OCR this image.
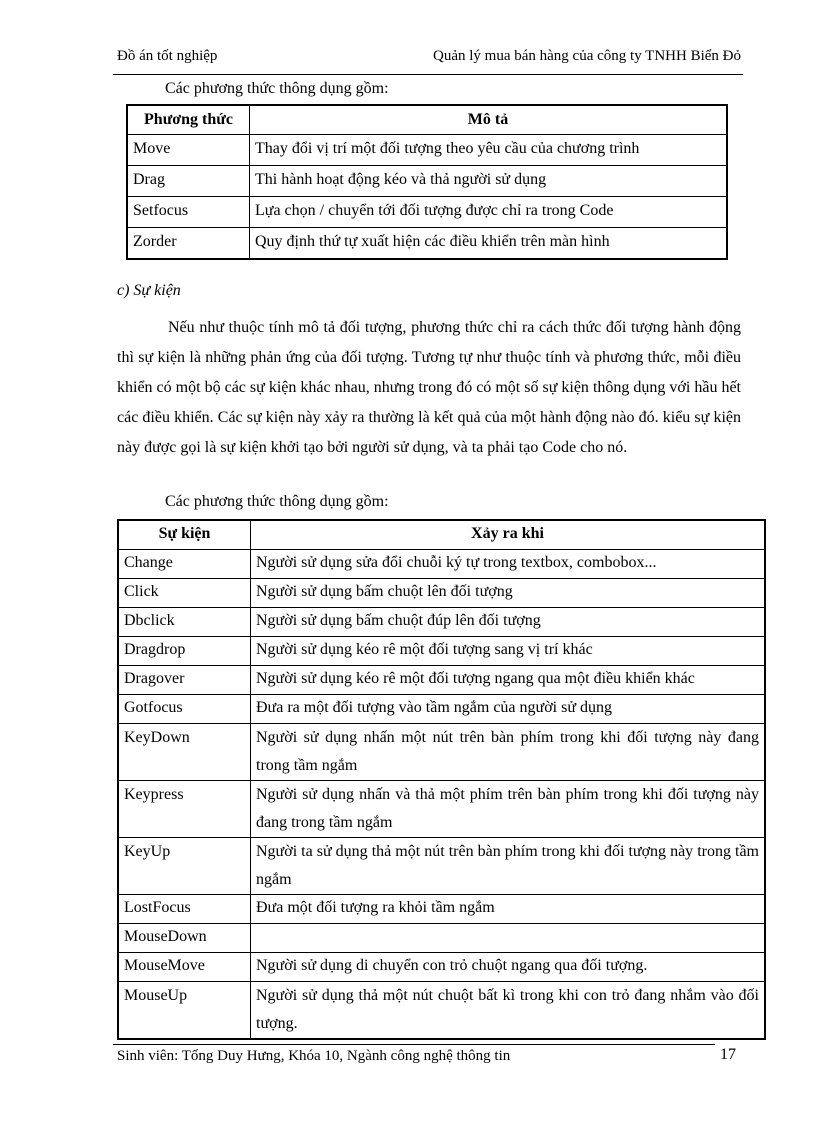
Đồ án tốt nghiệp	Quản lý mua bán hàng của công ty TNHH Biển Đỏ
Các phương thức thông dụng gồm:
Phương thức	Mô tả
Move	Thay đổi vị trí một đối tượng theo yêu cầu của chương trình
Drag	Thi hành hoạt động kéo và thả người sử dụng
Setfocus	Lựa chọn / chuyển tới đối tượng được chỉ ra trong Code
Zorder	Quy định thứ tự xuất hiện các điều khiển trên màn hình
c) Sự kiện
Nếu như thuộc tính mô tả đối tượng, phương thức chỉ ra cách thức đối tượng hành động thì sự kiện là những phản ứng của đối tượng. Tương tự như thuộc tính và phương thức, mỗi điều khiển có một bộ các sự kiện khác nhau, nhưng trong đó có một số sự kiện thông dụng với hầu hết các điều khiển. Các sự kiện này xảy ra thường là kết quả của một hành động nào đó. kiểu sự kiện này được gọi là sự kiện khởi tạo bởi người sử dụng, và ta phải tạo Code cho nó.
Các phương thức thông dụng gồm:
Sự kiện	Xảy ra khi
Change	Người sử dụng sửa đổi chuỗi ký tự trong textbox, combobox...
Click	Người sử dụng bấm chuột lên đối tượng
Dbclick	Người sử dụng bấm chuột đúp lên đối tượng
Dragdrop	Người sử dụng kéo rê một đối tượng sang vị trí khác
Dragover	Người sử dụng kéo rê một đối tượng ngang qua một điều khiển khác
Gotfocus	Đưa ra một đối tượng vào tầm ngắm của người sử dụng
KeyDown	Người sử dụng nhấn một nút trên bàn phím trong khi đối tượng này đang trong tầm ngắm
Keypress	Người sử dụng nhấn và thả một phím trên bàn phím trong khi đối tượng này đang trong tầm ngắm
KeyUp	Người ta sử dụng thả một nút trên bàn phím trong khi đối tượng này trong tầm ngắm
LostFocus	Đưa một đối tượng ra khỏi tầm ngắm
MouseDown	
MouseMove	Người sử dụng di chuyển con trỏ chuột ngang qua đối tượng.
MouseUp	Người sử dụng thả một nút chuột bất kì trong khi con trỏ đang nhắm vào đối tượng.
Sinh viên: Tống Duy Hưng, Khóa 10, Ngành công nghệ thông tin	17
